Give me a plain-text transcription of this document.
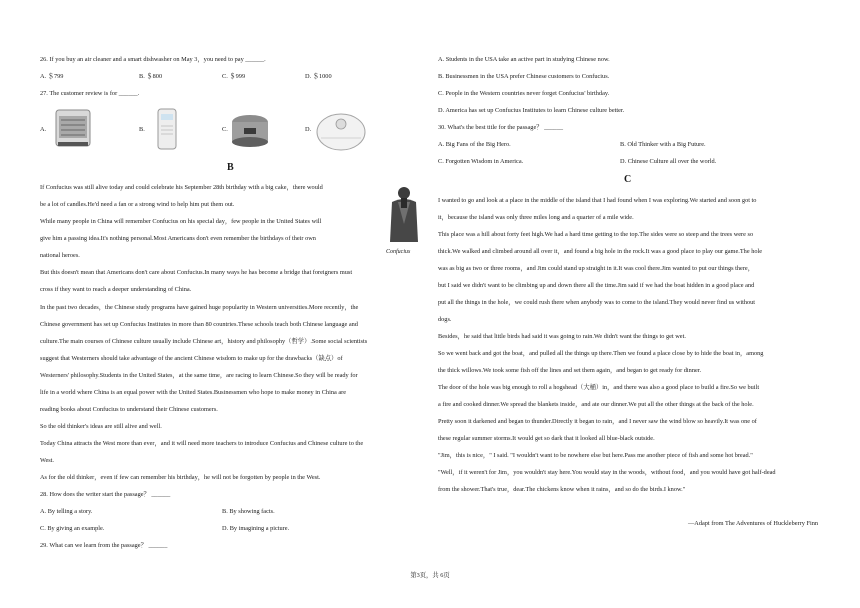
26. If you buy an air cleaner and a smart dishwasher on May 3，you need to pay ______.
A. ＄799	B. ＄800	C. ＄999	D. ＄1000
27. The customer review is for ______.
A.	B.	C.	D.
B
If Confucius was still alive today and could celebrate his September 28th birthday with a big cake，there would
be a lot of candles.He'd need a fan or a strong wind to help him put them out.
While many people in China will remember Confucius on his special day，few people in the United States will
give him a passing idea.It's nothing personal.Most Americans don't even remember the birthdays of their own
national heroes.	Confucius
But this doesn't mean that Americans don't care about Confucius.In many ways he has become a bridge that foreigners must
cross if they want to reach a deeper understanding of China.
In the past two decades，the Chinese study programs have gained huge popularity in Western universities.More recently，the
Chinese government has set up Confucius Institutes in more than 80 countries.These schools teach both Chinese language and
culture.The main courses of Chinese culture usually include Chinese art，history and philosophy（哲学）.Some social scientists
suggest that Westerners should take advantage of the ancient Chinese wisdom to make up for the drawbacks（缺点）of
Westerners' philosophy.Students in the United States，at the same time，are racing to learn Chinese.So they will be ready for
life in a world where China is an equal power with the United States.Businessmen who hope to make money in China are
reading books about Confucius to understand their Chinese customers.
So the old thinker's ideas are still alive and well.
Today China attracts the West more than ever，and it will need more teachers to introduce Confucius and Chinese culture to the
West.
As for the old thinker，even if few can remember his birthday，he will not be forgotten by people in the West.
28. How does the writer start the passage？ ______
A. By telling a story.	B. By showing facts.
C. By giving an example.	D. By imagining a picture.
29. What can we learn from the passage？ ______
A. Students in the USA take an active part in studying Chinese now.
B. Businessmen in the USA prefer Chinese customers to Confucius.
C. People in the Western countries never forget Confucius' birthday.
D. America has set up Confucius Institutes to learn Chinese culture better.
30. What's the best title for the passage？ ______
A. Big Fans of the Big Hero.	B. Old Thinker with a Big Future.
C. Forgotten Wisdom in America.	D. Chinese Culture all over the world.
C
I wanted to go and look at a place in the middle of the island that I had found when I was exploring.We started and soon got to
it，because the island was only three miles long and a quarter of a mile wide.
This place was a hill about forty feet high.We had a hard time getting to the top.The sides were so steep and the trees were so
thick.We walked and climbed around all over it，and found a big hole in the rock.It was a good place to play our game.The hole
was as big as two or three rooms，and Jim could stand up straight in it.It was cool there.Jim wanted to put our things there，
but I said we didn't want to be climbing up and down there all the time.Jim said if we had the boat hidden in a good place and
put all the things in the hole，we could rush there when anybody was to come to the island.They would never find us without
dogs.
Besides，he said that little birds had said it was going to rain.We didn't want the things to get wet.
So we went back and got the boat，and pulled all the things up there.Then we found a place close by to hide the boat in，among
the thick willows.We took some fish off the lines and set them again，and began to get ready for dinner.
The door of the hole was big enough to roll a hogshead（大桶）in，and there was also a good place to build a fire.So we built
a fire and cooked dinner.We spread the blankets inside，and ate our dinner.We put all the other things at the back of the hole.
Pretty soon it darkened and began to thunder.Directly it began to rain，and I never saw the wind blow so heavily.It was one of
these regular summer storms.It would get so dark that it looked all blue-black outside.
"Jim，this is nice，" I said. "I wouldn't want to be nowhere else but here.Pass me another piece of fish and some hot bread."
"Well，if it weren't for Jim，you wouldn't stay here.You would stay in the woods，without food，and you would have got half-dead
from the shower.That's true，dear.The chickens know when it rains，and so do the birds.I know."
—Adapt from The Adventures of Huckleberry Finn
第3页，共 6页
